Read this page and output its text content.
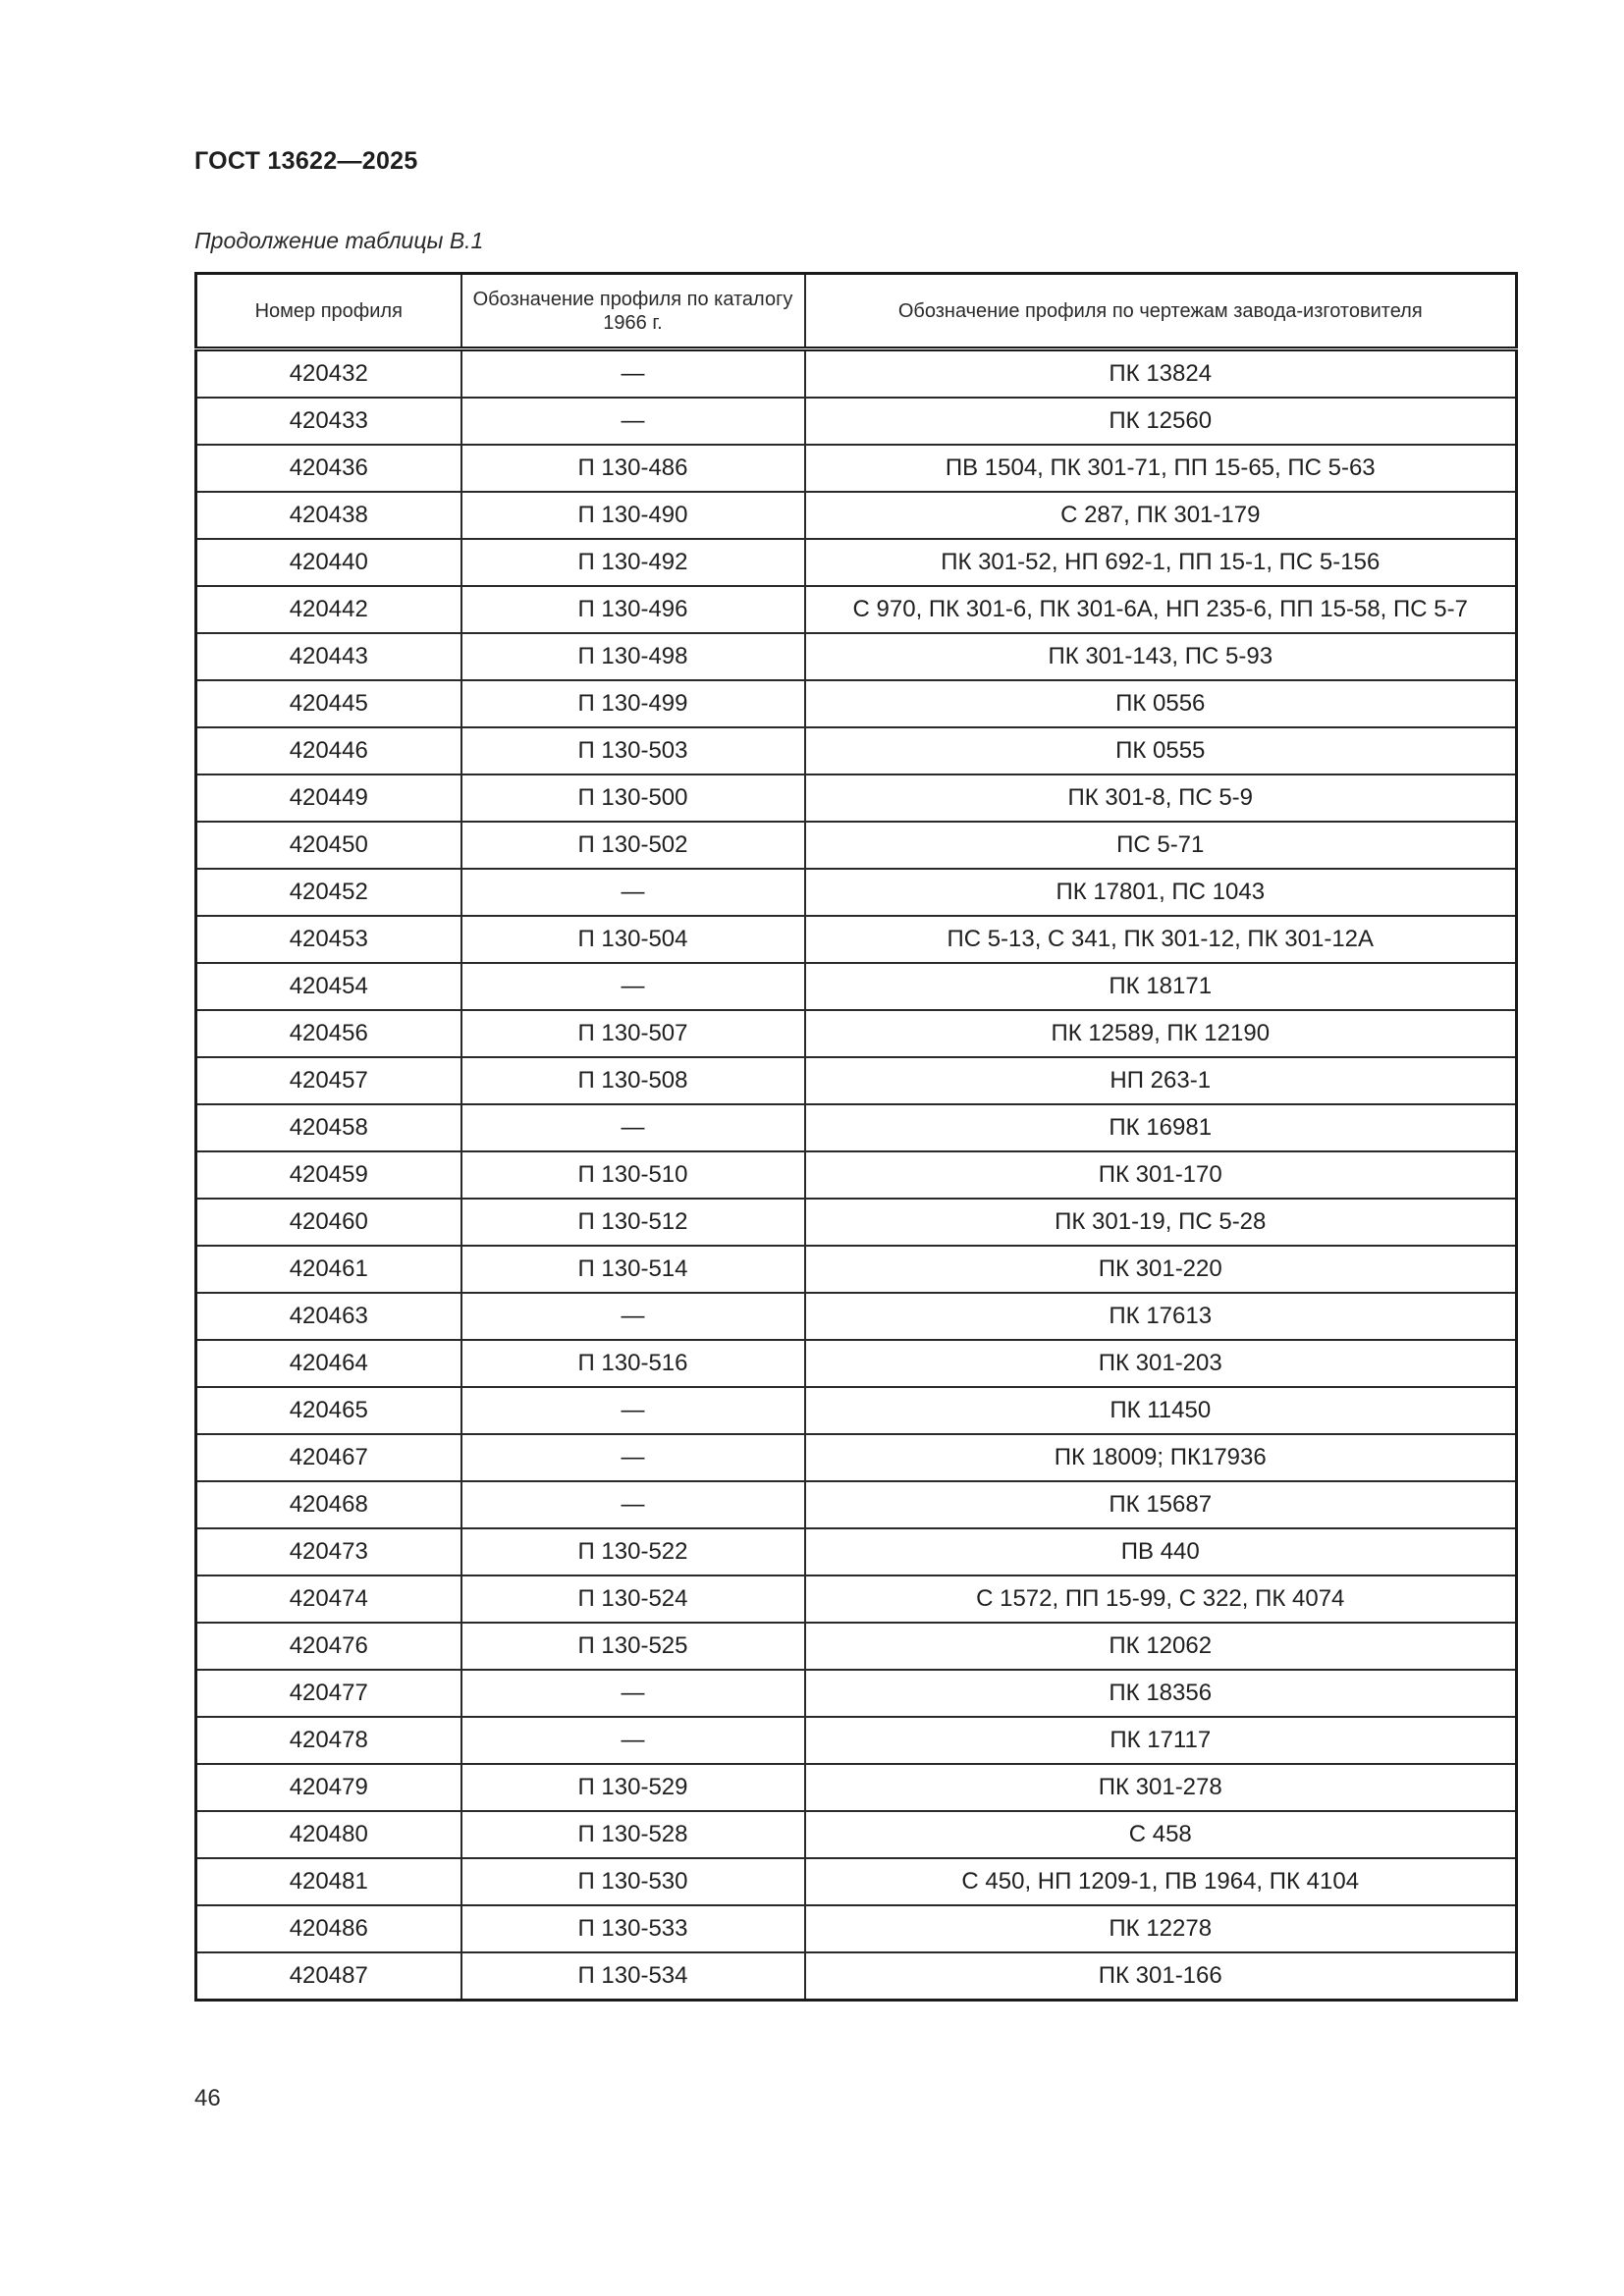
ГОСТ 13622—2025
Продолжение таблицы В.1
Номер профиля	Обозначение профиля по каталогу 1966 г.	Обозначение профиля по чертежам завода-изготовителя
420432	—	ПК 13824
420433	—	ПК 12560
420436	П 130-486	ПВ 1504, ПК 301-71, ПП 15-65, ПС 5-63
420438	П 130-490	С 287, ПК 301-179
420440	П 130-492	ПК 301-52, НП 692-1, ПП 15-1, ПС 5-156
420442	П 130-496	С 970, ПК 301-6, ПК 301-6А, НП 235-6, ПП 15-58, ПС 5-7
420443	П 130-498	ПК 301-143, ПС 5-93
420445	П 130-499	ПК 0556
420446	П 130-503	ПК 0555
420449	П 130-500	ПК 301-8, ПС 5-9
420450	П 130-502	ПС 5-71
420452	—	ПК 17801, ПС 1043
420453	П 130-504	ПС 5-13, С 341, ПК 301-12, ПК 301-12А
420454	—	ПК 18171
420456	П 130-507	ПК 12589, ПК 12190
420457	П 130-508	НП 263-1
420458	—	ПК 16981
420459	П 130-510	ПК 301-170
420460	П 130-512	ПК 301-19, ПС 5-28
420461	П 130-514	ПК 301-220
420463	—	ПК 17613
420464	П 130-516	ПК 301-203
420465	—	ПК 11450
420467	—	ПК 18009; ПК17936
420468	—	ПК 15687
420473	П 130-522	ПВ 440
420474	П 130-524	С 1572, ПП 15-99, С 322, ПК 4074
420476	П 130-525	ПК 12062
420477	—	ПК 18356
420478	—	ПК 17117
420479	П 130-529	ПК 301-278
420480	П 130-528	С 458
420481	П 130-530	С 450, НП 1209-1, ПВ 1964, ПК 4104
420486	П 130-533	ПК 12278
420487	П 130-534	ПК 301-166
46
